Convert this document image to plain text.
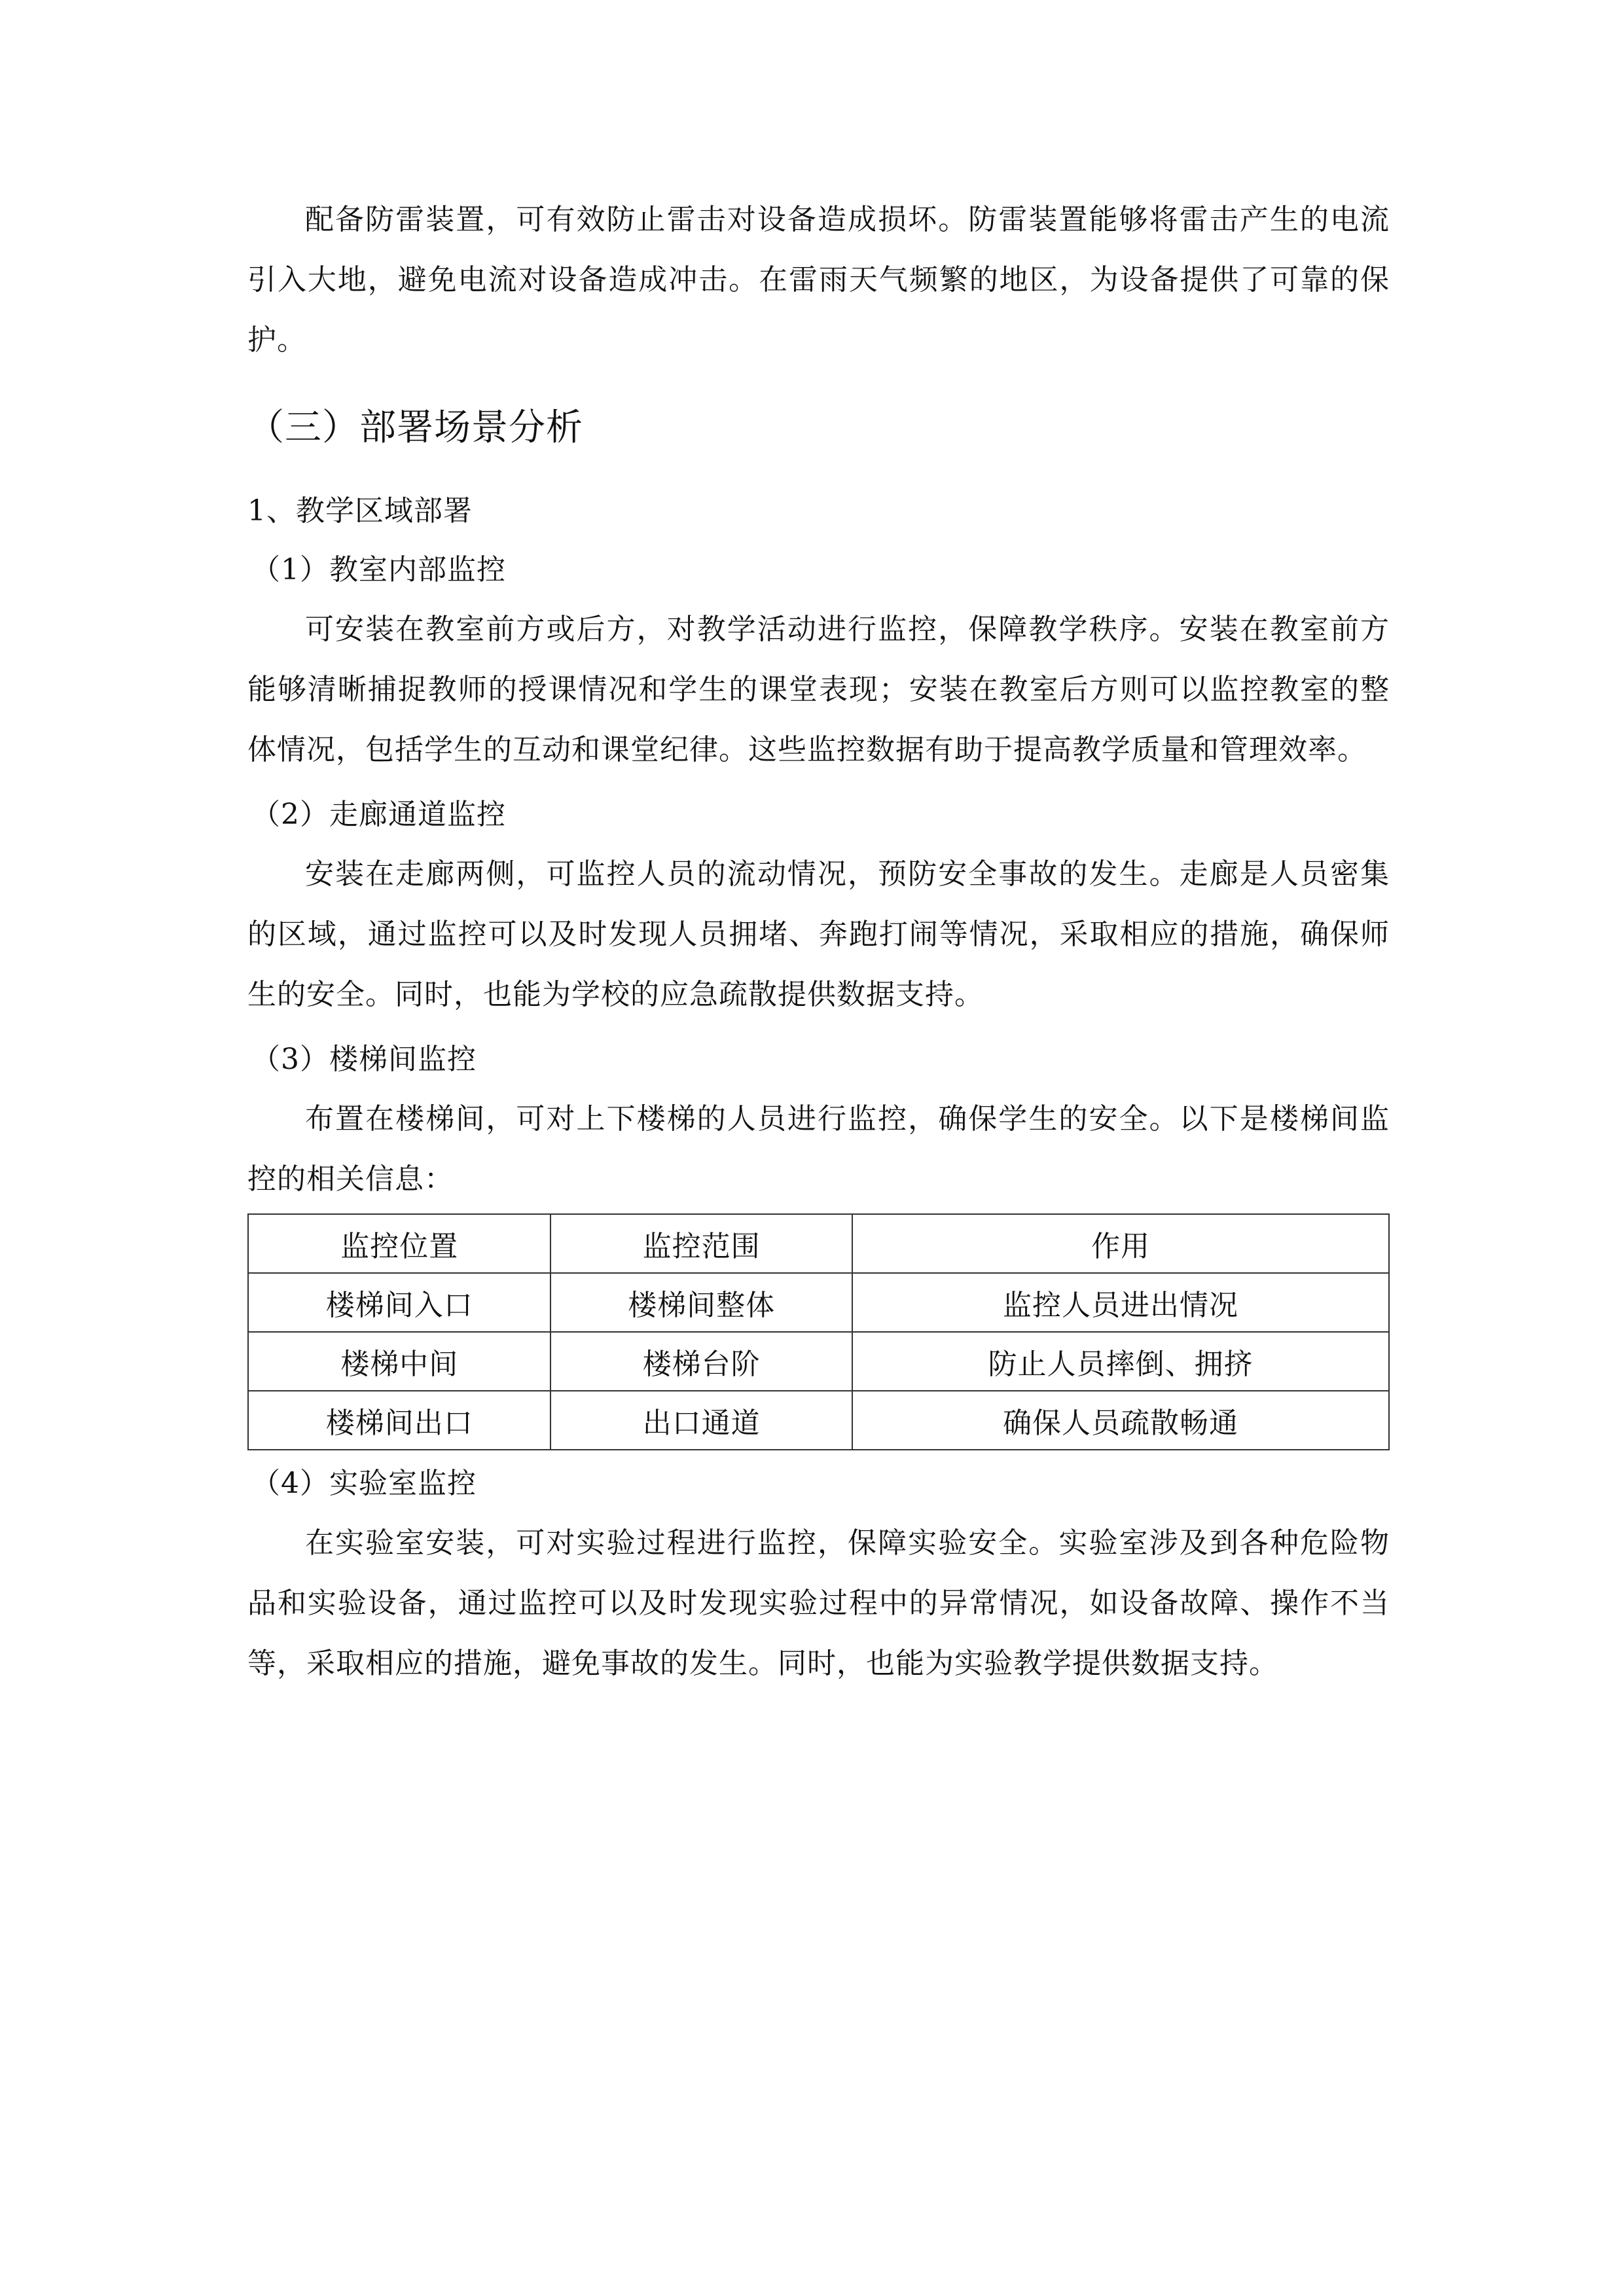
配备防雷装置，可有效防止雷击对设备造成损坏。防雷装置能够将雷击产生的电流引入大地，避免电流对设备造成冲击。在雷雨天气频繁的地区，为设备提供了可靠的保护。

（三）部署场景分析

1、教学区域部署

（1）教室内部监控

可安装在教室前方或后方，对教学活动进行监控，保障教学秩序。安装在教室前方能够清晰捕捉教师的授课情况和学生的课堂表现；安装在教室后方则可以监控教室的整体情况，包括学生的互动和课堂纪律。这些监控数据有助于提高教学质量和管理效率。

（2）走廊通道监控

安装在走廊两侧，可监控人员的流动情况，预防安全事故的发生。走廊是人员密集的区域，通过监控可以及时发现人员拥堵、奔跑打闹等情况，采取相应的措施，确保师生的安全。同时，也能为学校的应急疏散提供数据支持。

（3）楼梯间监控

布置在楼梯间，可对上下楼梯的人员进行监控，确保学生的安全。以下是楼梯间监控的相关信息：

监控位置	监控范围	作用
楼梯间入口	楼梯间整体	监控人员进出情况
楼梯中间	楼梯台阶	防止人员摔倒、拥挤
楼梯间出口	出口通道	确保人员疏散畅通

（4）实验室监控

在实验室安装，可对实验过程进行监控，保障实验安全。实验室涉及到各种危险物品和实验设备，通过监控可以及时发现实验过程中的异常情况，如设备故障、操作不当等，采取相应的措施，避免事故的发生。同时，也能为实验教学提供数据支持。
